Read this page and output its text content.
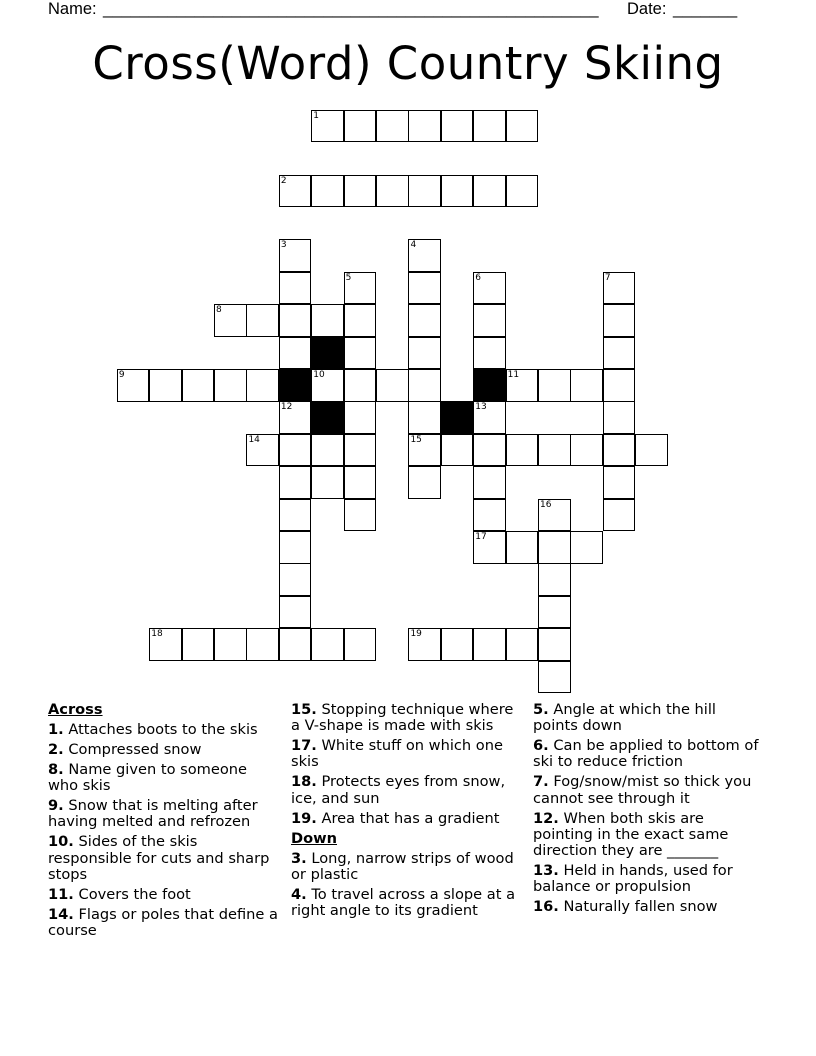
Name: ______________________________________________________ Date: _______
Cross(Word) Country Skiing
1
2
3
12
4
15
5	6
13
17
7
8
9	10	11
14
16
18	19
Across
1. Attaches boots to the skis
2. Compressed snow
8. Name given to someone who skis
9. Snow that is melting after having melted and refrozen
10. Sides of the skis responsible for cuts and sharp stops
11. Covers the foot
14. Flags or poles that define a course
15. Stopping technique where a V-shape is made with skis
17. White stuff on which one skis
18. Protects eyes from snow, ice, and sun
19. Area that has a gradient
Down
3. Long, narrow strips of wood or plastic
4. To travel across a slope at a right angle to its gradient
5. Angle at which the hill points down
6. Can be applied to bottom of ski to reduce friction
7. Fog/snow/mist so thick you cannot see through it
12. When both skis are pointing in the exact same direction they are _______
13. Held in hands, used for balance or propulsion
16. Naturally fallen snow
